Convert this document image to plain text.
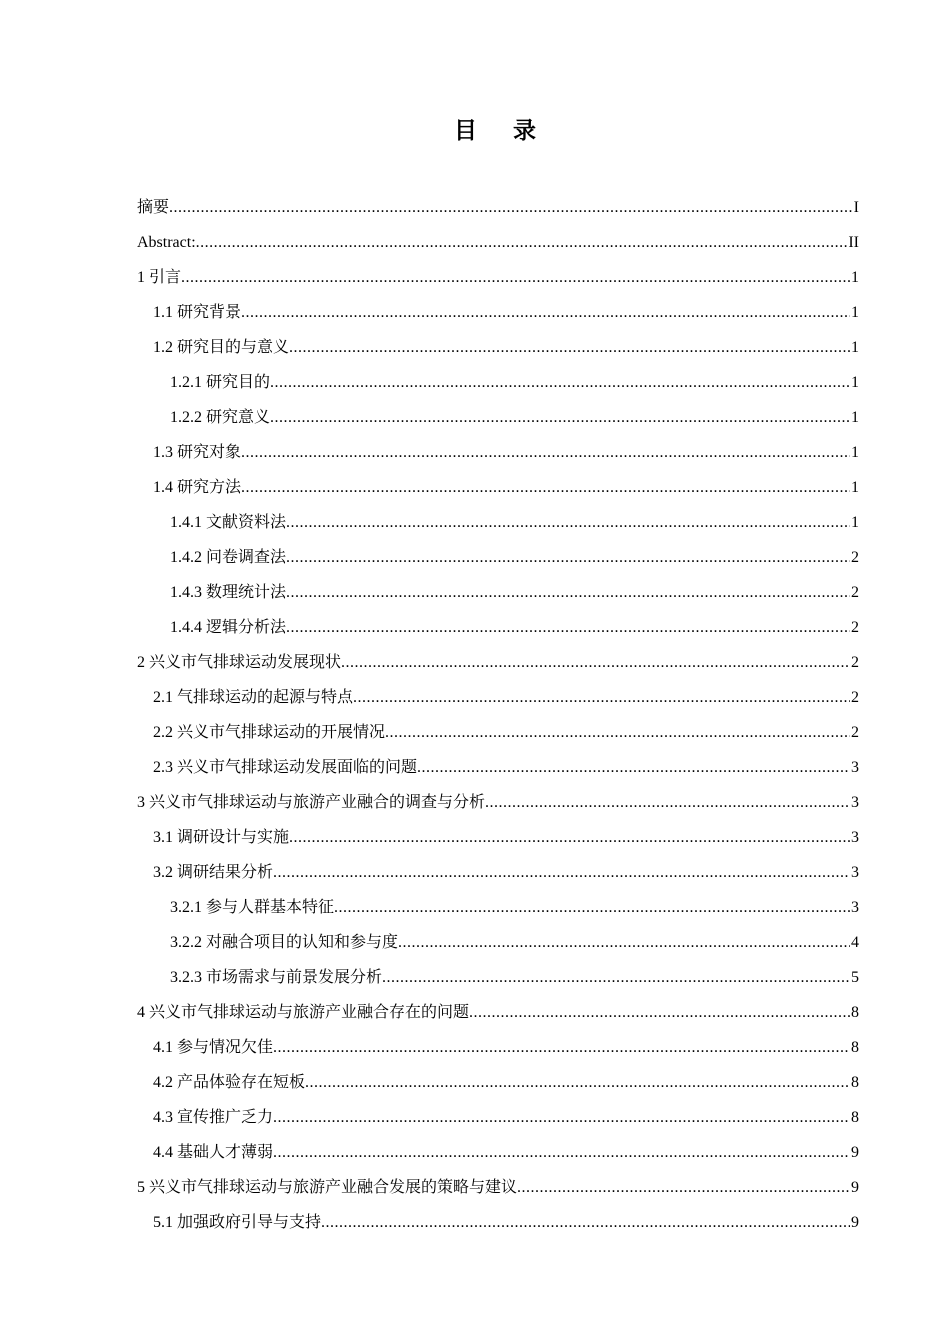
目 录
摘要 .....	I
Abstract: .....	II
1 引言 .....	1
1.1 研究背景 .....	1
1.2 研究目的与意义 .....	1
1.2.1 研究目的 .....	1
1.2.2 研究意义 .....	1
1.3 研究对象 .....	1
1.4 研究方法 .....	1
1.4.1 文献资料法 .....	1
1.4.2 问卷调查法 .....	2
1.4.3 数理统计法 .....	2
1.4.4 逻辑分析法 .....	2
2 兴义市气排球运动发展现状 .....	2
2.1 气排球运动的起源与特点 .....	2
2.2 兴义市气排球运动的开展情况 .....	2
2.3 兴义市气排球运动发展面临的问题 .....	3
3 兴义市气排球运动与旅游产业融合的调查与分析 .....	3
3.1 调研设计与实施 .....	3
3.2 调研结果分析 .....	3
3.2.1 参与人群基本特征 .....	3
3.2.2 对融合项目的认知和参与度 .....	4
3.2.3 市场需求与前景发展分析 .....	5
4 兴义市气排球运动与旅游产业融合存在的问题 .....	8
4.1 参与情况欠佳 .....	8
4.2 产品体验存在短板 .....	8
4.3 宣传推广乏力 .....	8
4.4 基础人才薄弱 .....	9
5 兴义市气排球运动与旅游产业融合发展的策略与建议 .....	9
5.1 加强政府引导与支持 .....	9
